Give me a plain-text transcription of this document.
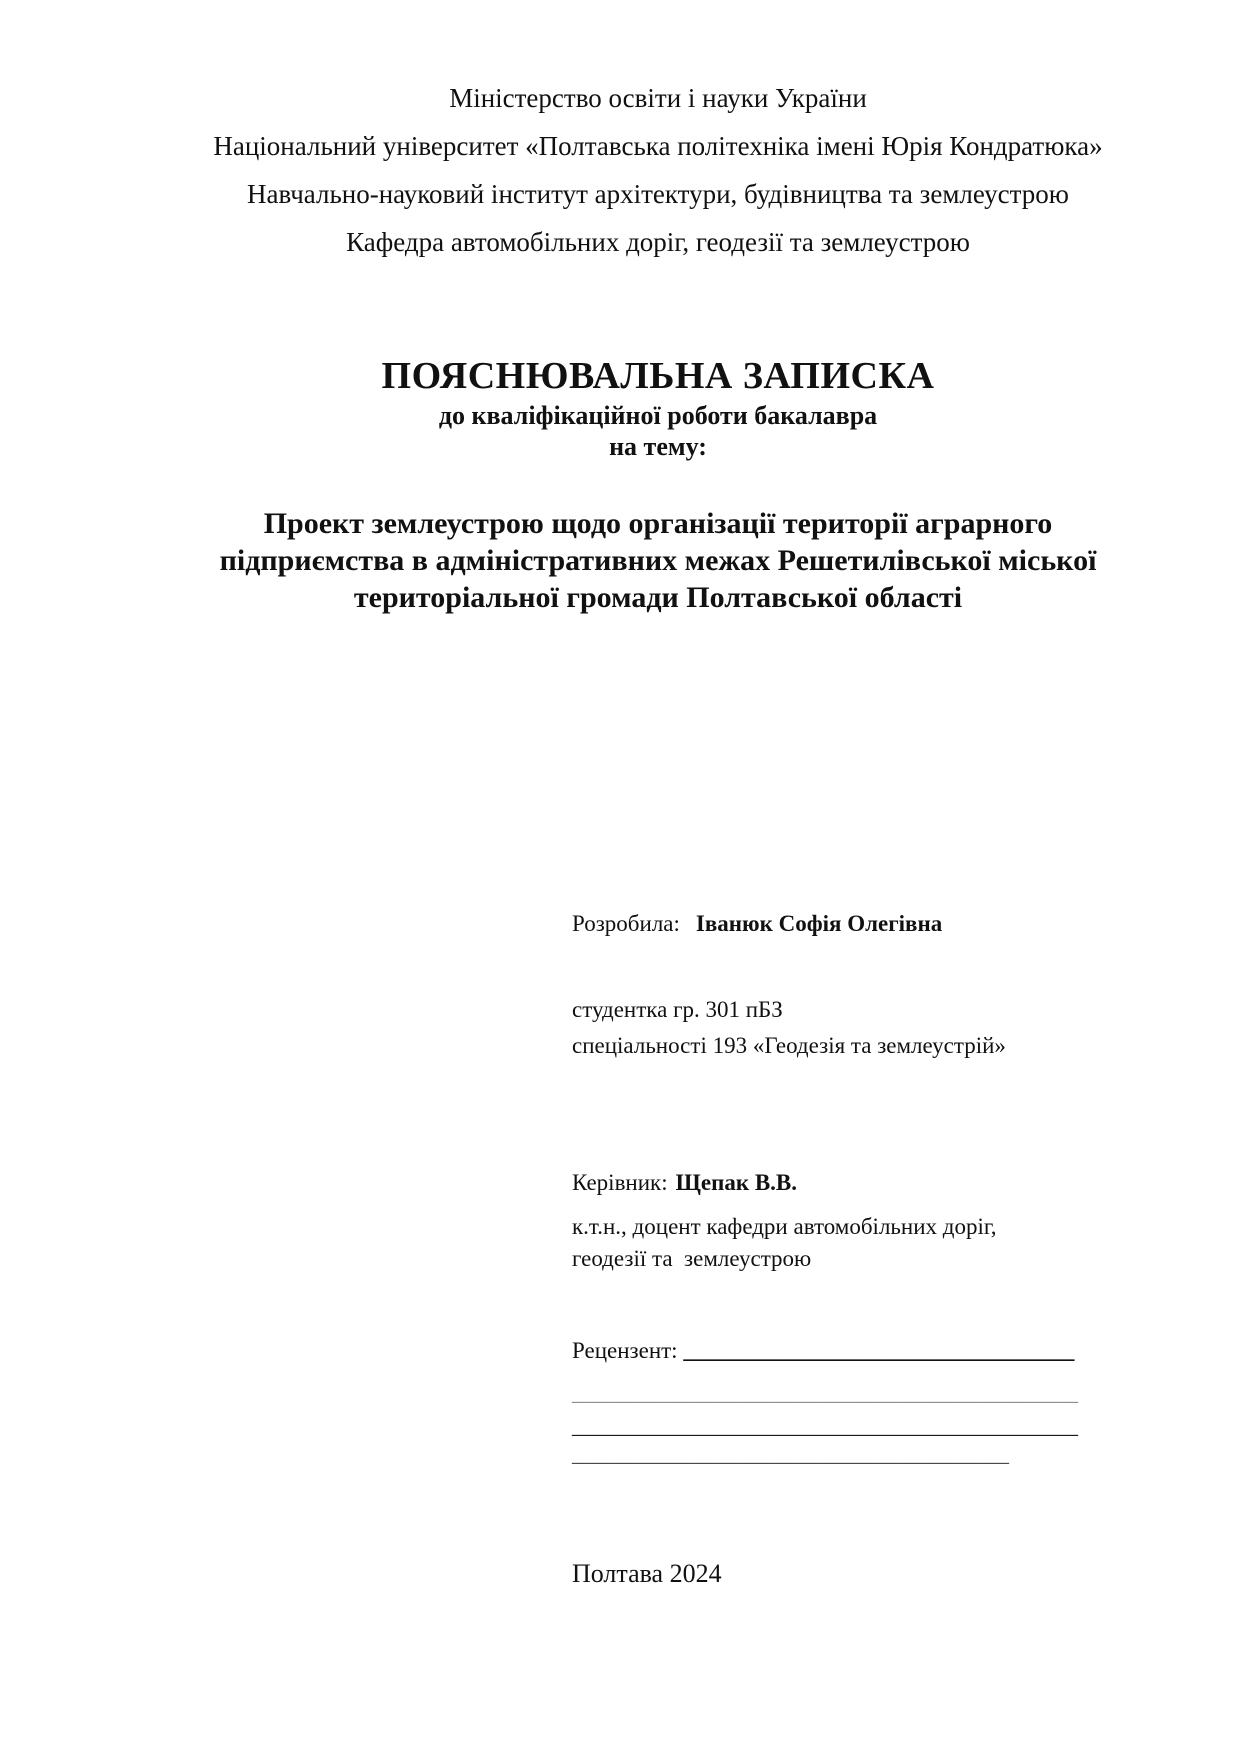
Міністерство освіти і науки України
Національний університет «Полтавська політехніка імені Юрія Кондратюка»
Навчально-науковий інститут архітектури, будівництва та землеустрою
Кафедра автомобільних доріг, геодезії та землеустрою
ПОЯСНЮВАЛЬНА ЗАПИСКА
до кваліфікаційної роботи бакалавра
на тему:
Проект землеустрою щодо організації території аграрного
підприємства в адміністративних межах Решетилівської міської
територіальної громади Полтавської області
Розробила: Іванюк Софія Олегівна
студентка гр. 301 пБЗ
спеціальності 193 «Геодезія та землеустрій»
Керівник: Щепак В.В.
к.т.н., доцент кафедри автомобільних доріг,
геодезії та  землеустрою
Рецензент: __________________________________
____________________________________________
____________________________________________
______________________________________
Полтава 2024
